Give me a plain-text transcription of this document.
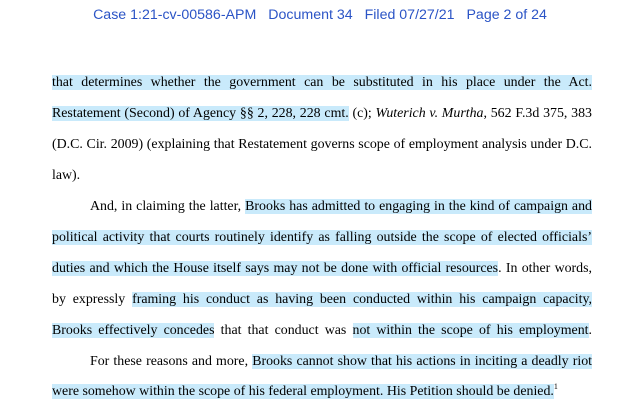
Case 1:21-cv-00586-APM Document 34 Filed 07/27/21 Page 2 of 24
that determines whether the government can be substituted in his place under the Act.
Restatement (Second) of Agency §§ 2, 228, 228 cmt. (c); Wuterich v. Murtha, 562 F.3d 375, 383
(D.C. Cir. 2009) (explaining that Restatement governs scope of employment analysis under D.C.
law).
And, in claiming the latter, Brooks has admitted to engaging in the kind of campaign and
political activity that courts routinely identify as falling outside the scope of elected officials’
duties and which the House itself says may not be done with official resources. In other words,
by expressly framing his conduct as having been conducted within his campaign capacity,
Brooks effectively concedes that that conduct was not within the scope of his employment.
For these reasons and more, Brooks cannot show that his actions in inciting a deadly riot
were somehow within the scope of his federal employment. His Petition should be denied.$^1$
